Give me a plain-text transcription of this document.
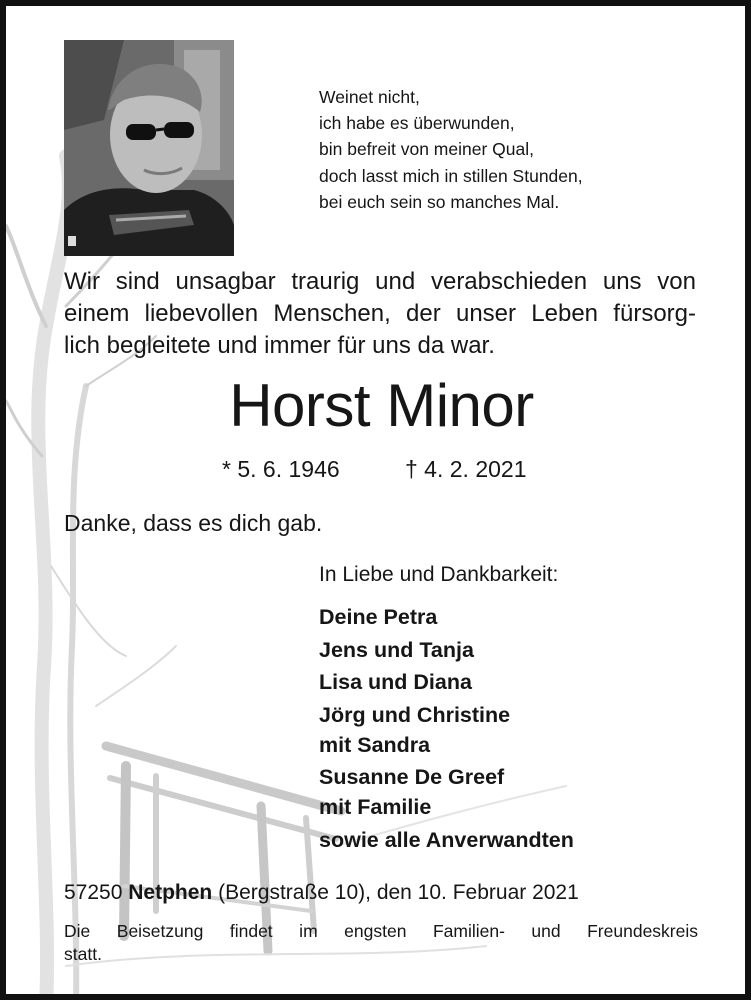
Weinet nicht,
ich habe es überwunden,
bin befreit von meiner Qual,
doch lasst mich in stillen Stunden,
bei euch sein so manches Mal.
Wir sind unsagbar traurig und verabschieden uns von
einem liebevollen Menschen, der unser Leben fürsorg-
lich begleitete und immer für uns da war.
Horst Minor
* 5. 6. 1946	† 4. 2. 2021
Danke, dass es dich gab.
In Liebe und Dankbarkeit:
Deine Petra
Jens und Tanja
Lisa und Diana
Jörg und Christine
mit Sandra
Susanne De Greef
mit Familie
sowie alle Anverwandten
57250 Netphen (Bergstraße 10), den 10. Februar 2021
Die Beisetzung findet im engsten Familien- und Freundeskreis
statt.
